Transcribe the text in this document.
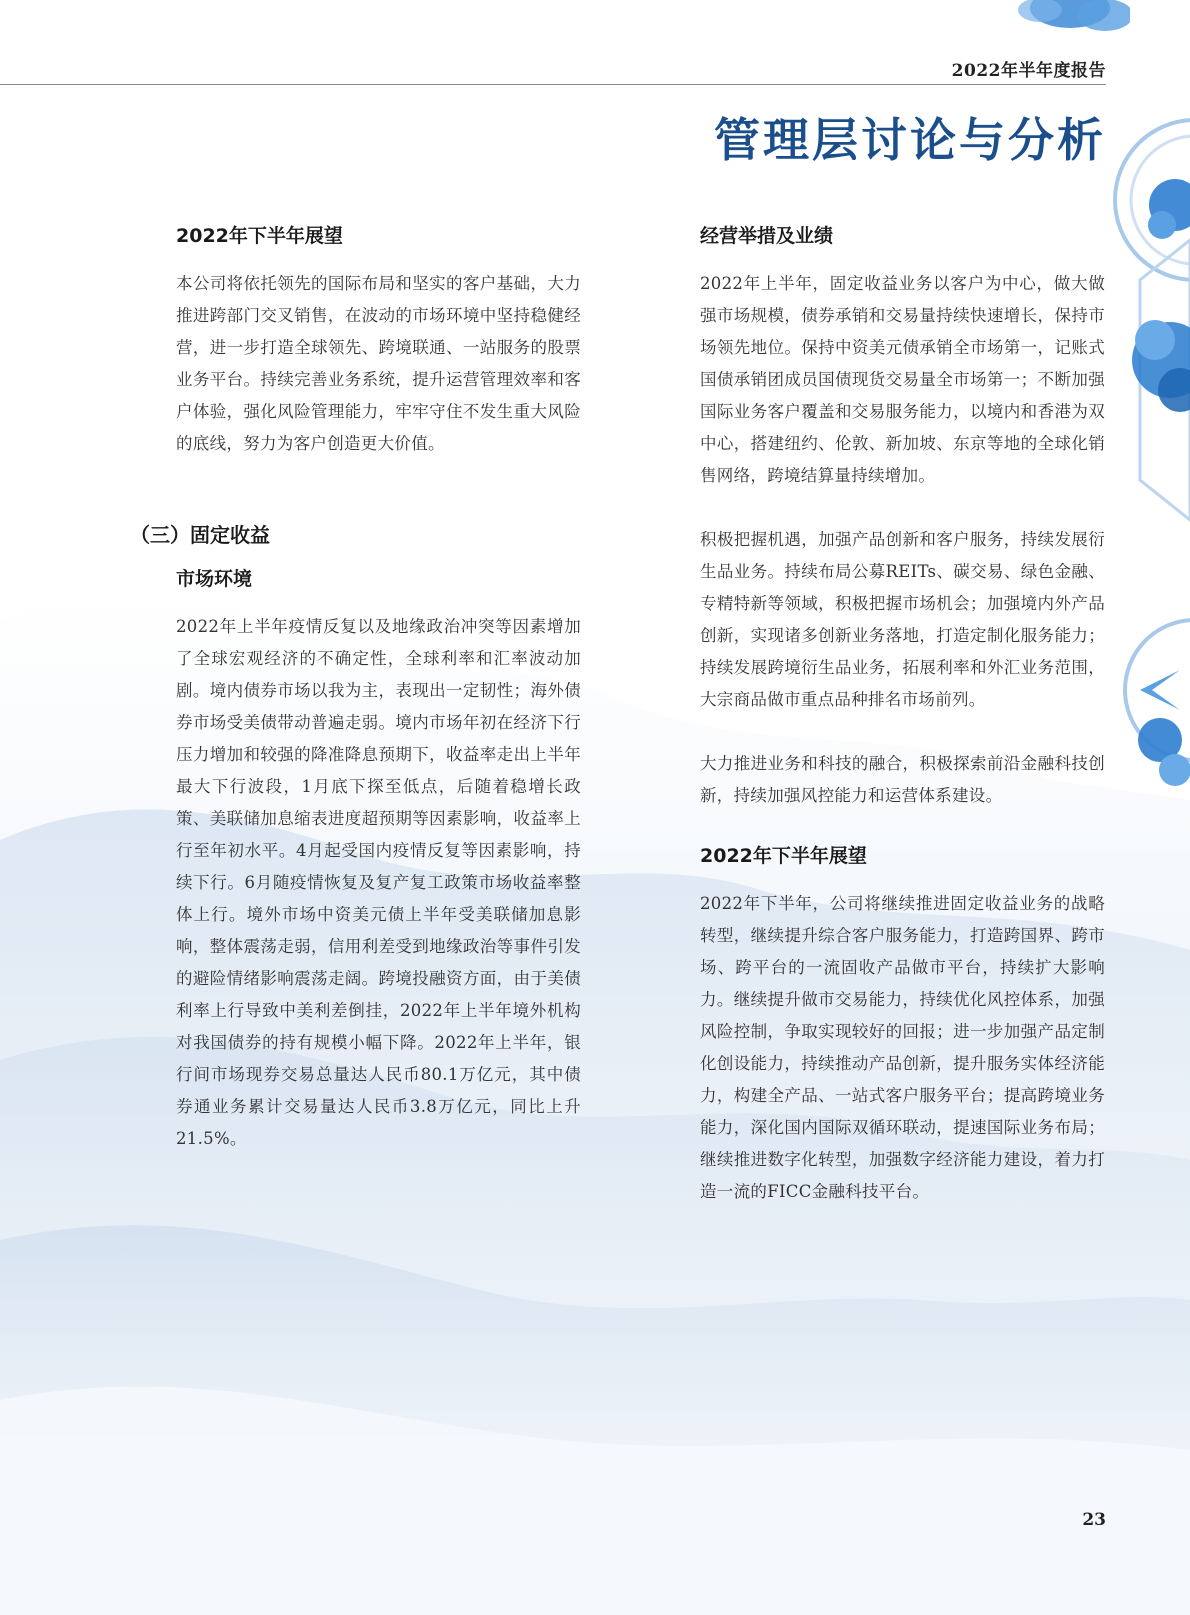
2022年半年度报告
管理层讨论与分析
2022年下半年展望

本公司将依托领先的国际布局和坚实的客户基础，大力推进跨部门交叉销售，在波动的市场环境中坚持稳健经营，进一步打造全球领先、跨境联通、一站服务的股票业务平台。持续完善业务系统，提升运营管理效率和客户体验，强化风险管理能力，牢牢守住不发生重大风险的底线，努力为客户创造更大价值。

（三）固定收益
市场环境

2022年上半年疫情反复以及地缘政治冲突等因素增加了全球宏观经济的不确定性，全球利率和汇率波动加剧。境内债券市场以我为主，表现出一定韧性；海外债券市场受美债带动普遍走弱。境内市场年初在经济下行压力增加和较强的降准降息预期下，收益率走出上半年最大下行波段，1月底下探至低点，后随着稳增长政策、美联储加息缩表进度超预期等因素影响，收益率上行至年初水平。4月起受国内疫情反复等因素影响，持续下行。6月随疫情恢复及复产复工政策市场收益率整体上行。境外市场中资美元债上半年受美联储加息影响，整体震荡走弱，信用利差受到地缘政治等事件引发的避险情绪影响震荡走阔。跨境投融资方面，由于美债利率上行导致中美利差倒挂，2022年上半年境外机构对我国债券的持有规模小幅下降。2022年上半年，银行间市场现券交易总量达人民币80.1万亿元，其中债券通业务累计交易量达人民币3.8万亿元，同比上升21.5%。

经营举措及业绩

2022年上半年，固定收益业务以客户为中心，做大做强市场规模，债券承销和交易量持续快速增长，保持市场领先地位。保持中资美元债承销全市场第一，记账式国债承销团成员国债现货交易量全市场第一；不断加强国际业务客户覆盖和交易服务能力，以境内和香港为双中心，搭建纽约、伦敦、新加坡、东京等地的全球化销售网络，跨境结算量持续增加。

积极把握机遇，加强产品创新和客户服务，持续发展衍生品业务。持续布局公募REITs、碳交易、绿色金融、专精特新等领域，积极把握市场机会；加强境内外产品创新，实现诸多创新业务落地，打造定制化服务能力；持续发展跨境衍生品业务，拓展利率和外汇业务范围，大宗商品做市重点品种排名市场前列。

大力推进业务和科技的融合，积极探索前沿金融科技创新，持续加强风控能力和运营体系建设。

2022年下半年展望

2022年下半年，公司将继续推进固定收益业务的战略转型，继续提升综合客户服务能力，打造跨国界、跨市场、跨平台的一流固收产品做市平台，持续扩大影响力。继续提升做市交易能力，持续优化风控体系，加强风险控制，争取实现较好的回报；进一步加强产品定制化创设能力，持续推动产品创新，提升服务实体经济能力，构建全产品、一站式客户服务平台；提高跨境业务能力，深化国内国际双循环联动，提速国际业务布局；继续推进数字化转型，加强数字经济能力建设，着力打造一流的FICC金融科技平台。

23
